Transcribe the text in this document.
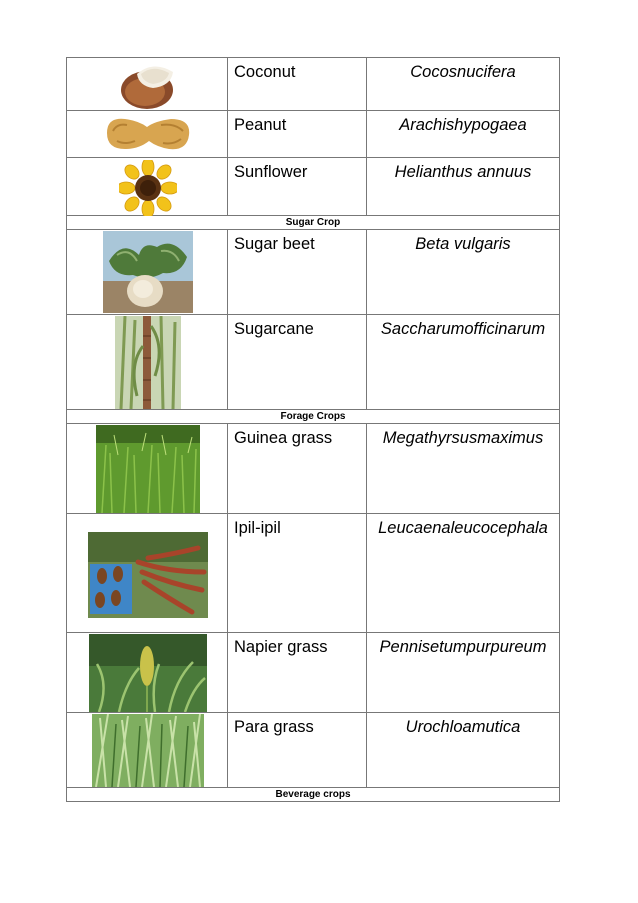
	Coconut	Cocosnucifera

	Peanut	Arachishypogaea

	Sunflower	Helianthus annuus
Sugar Crop		

	Sugar beet	Beta vulgaris

	Sugarcane	Saccharumofficinarum
Forage Crops		

	Guinea grass	Megathyrsusmaximus

	Ipil-ipil	Leucaenaleucocephala

	Napier grass	Pennisetumpurpureum

	Para grass	Urochloamutica
Beverage crops		
